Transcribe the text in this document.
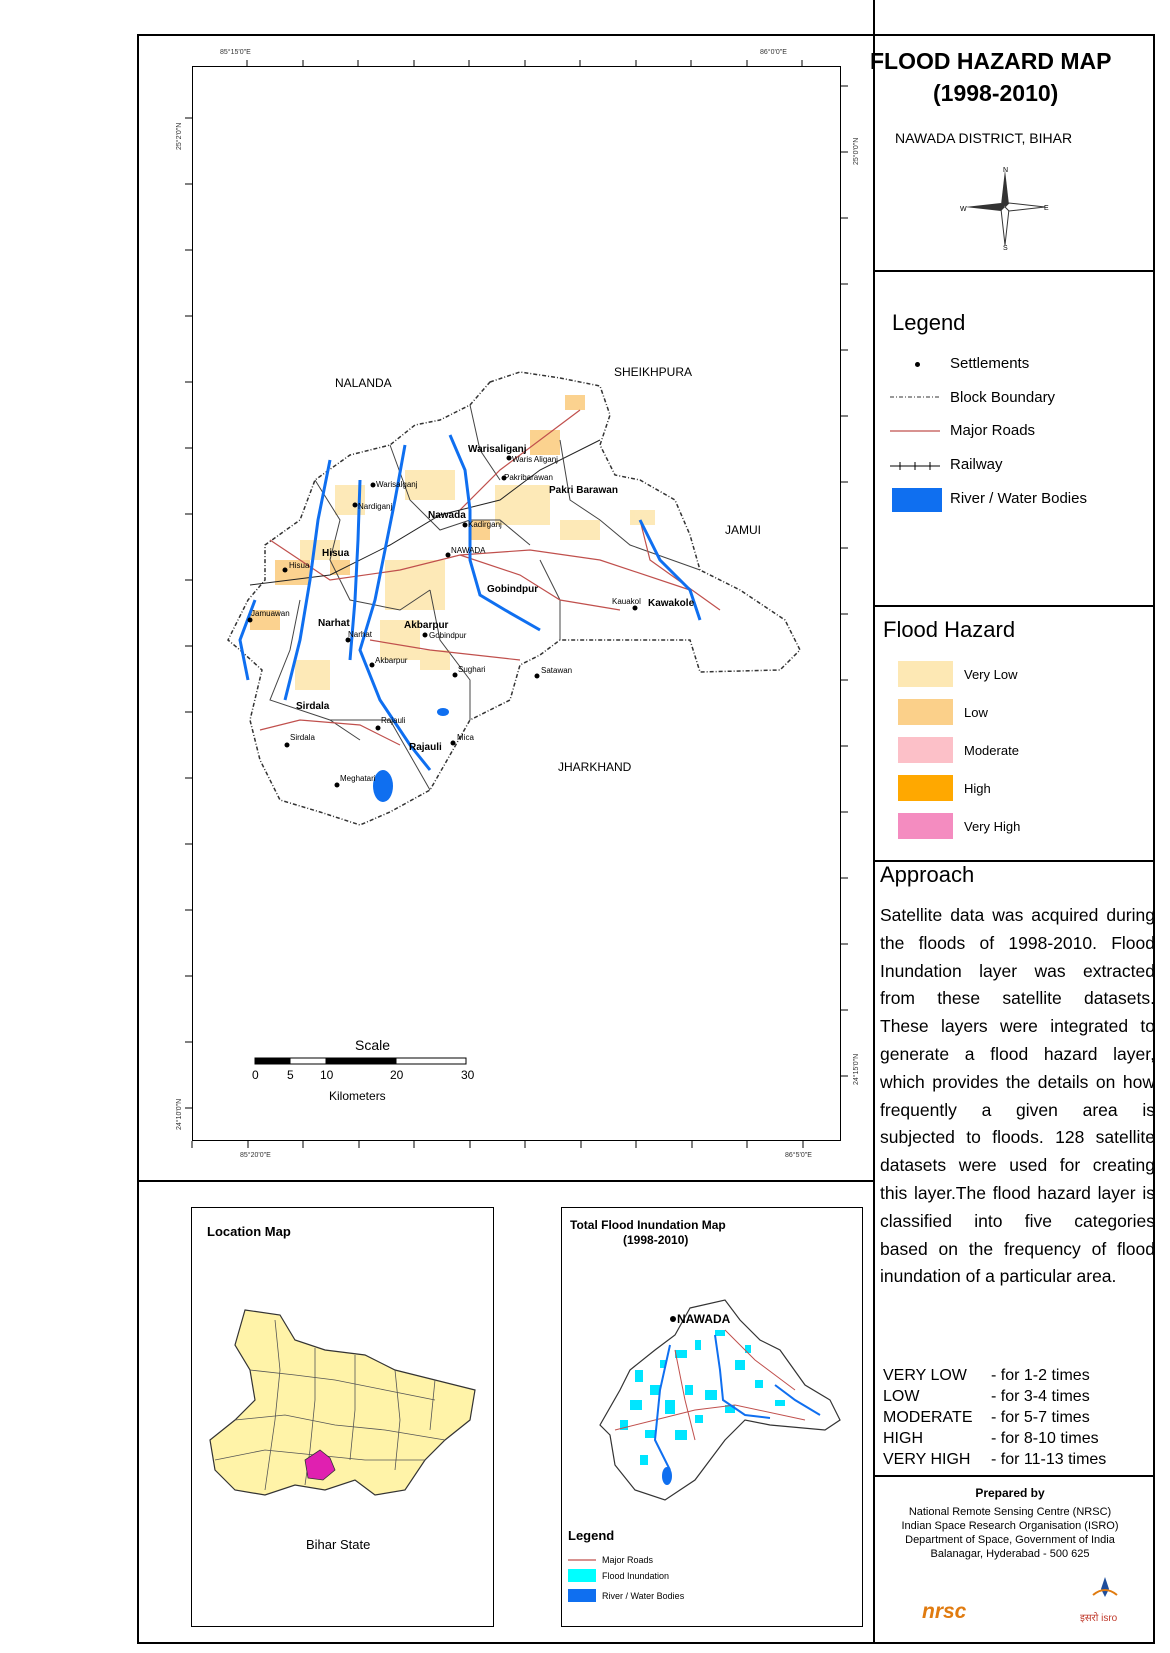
85°15'0"E	86°0'0"E
85°20'0"E	86°5'0"E
25°2'0"N
24°10'0"N
25°0'0"N
24°15'0"N
NALANDA
SHEIKHPURA
JAMUI
JHARKHAND
Warisaliganj
Pakri Barawan
Nawada
Hisua
Kawakole
Gobindpur
Narhat	Akbarpur
Sirdala
Rajauli
Waris Aliganj
Pakribarawan
Warisalganj
Nardiganj
Kadirganj
NAWADA
Hisua
Jamuawan
Kauakol
Narhat	Gobindpur
Akbarpur
Sughari	Satawan
Rajauli
Sirdala	Mica
Meghatari
Scale
0 5 10	20	30
Kilometers
FLOOD HAZARD MAP
(1998-2010)
NAWADA DISTRICT, BIHAR
N
S
E
W
Legend
Settlements
Block Boundary
Major Roads
Railway
River / Water Bodies
Flood Hazard
Very Low
Low
Moderate
High
Very High
Approach
Satellite data was acquired during the floods of 1998-2010. Flood Inundation layer was extracted from these satellite datasets. These layers were integrated to generate a flood hazard layer, which provides the details on how frequently a given area is subjected to floods. 128 satellite datasets were used for creating this layer.The flood hazard layer is classified into five categories based on the frequency of flood inundation of a particular area.
VERY LOW - for 1-2 times
LOW	- for 3-4 times
MODERATE - for 5-7 times
HIGH	- for 8-10 times
VERY HIGH - for 11-13 times
Prepared by
National Remote Sensing Centre (NRSC)
Indian Space Research Organisation (ISRO)
Department of Space, Government of India
Balanagar, Hyderabad - 500 625
nrsc	इसरो isro
Location Map
Bihar State
Total Flood Inundation Map
(1998-2010)
NAWADA
Legend
Major Roads
Flood Inundation
River / Water Bodies
